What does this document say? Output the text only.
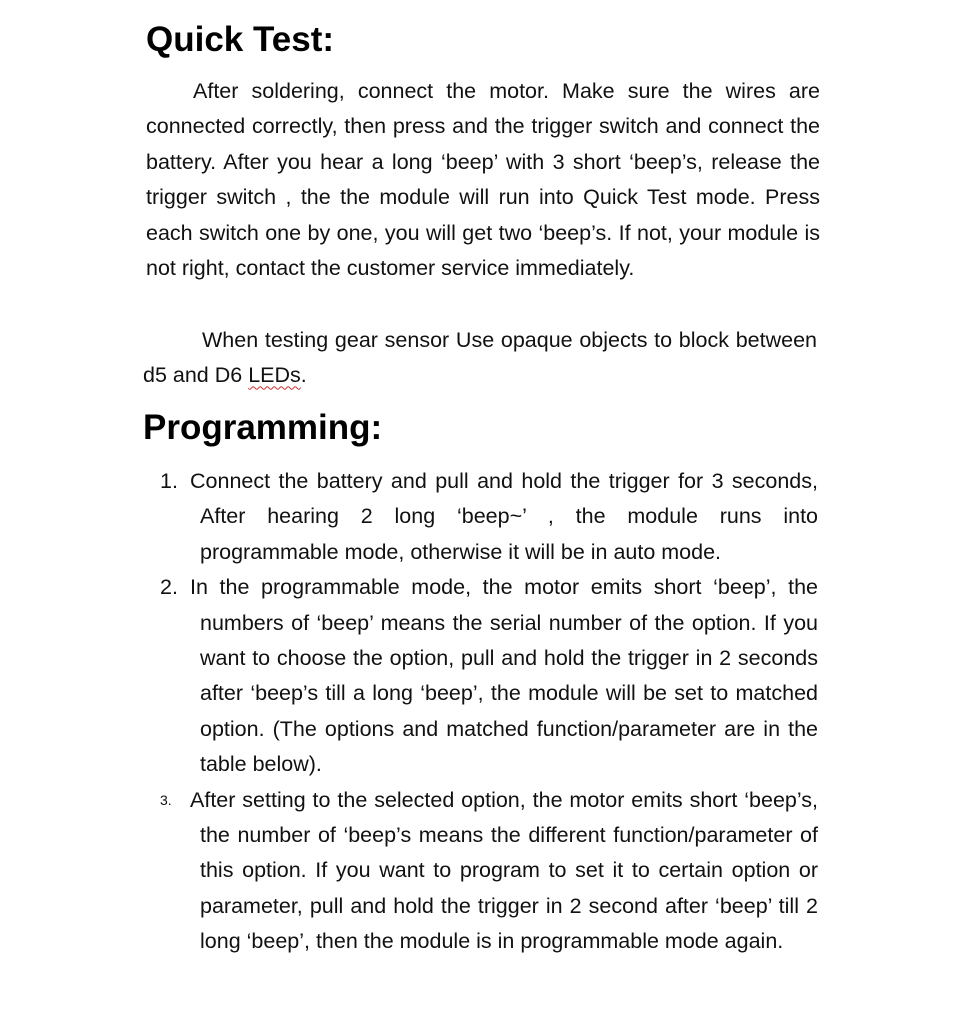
Quick Test:

After soldering, connect the motor. Make sure the wires are connected correctly, then press and the trigger switch and connect the battery. After you hear a long ‘beep’ with 3 short ‘beep’s, release the trigger switch , the the module will run into Quick Test mode. Press each switch one by one, you will get two ‘beep’s. If not, your module is not right, contact the customer service immediately.

When testing gear sensor Use opaque objects to block between d5 and D6 LEDs.

Programming:
1. Connect the battery and pull and hold the trigger for 3 seconds, After hearing 2 long ‘beep~’ , the module runs into programmable mode, otherwise it will be in auto mode.
2. In the programmable mode, the motor emits short ‘beep’, the numbers of ‘beep’ means the serial number of the option. If you want to choose the option, pull and hold the trigger in 2 seconds after ‘beep’s till a long ‘beep’, the module will be set to matched option. (The options and matched function/parameter are in the table below).
3. After setting to the selected option, the motor emits short ‘beep’s, the number of ‘beep’s means the different function/parameter of this option. If you want to program to set it to certain option or parameter, pull and hold the trigger in 2 second after ‘beep’ till 2 long ‘beep’, then the module is in programmable mode again.
